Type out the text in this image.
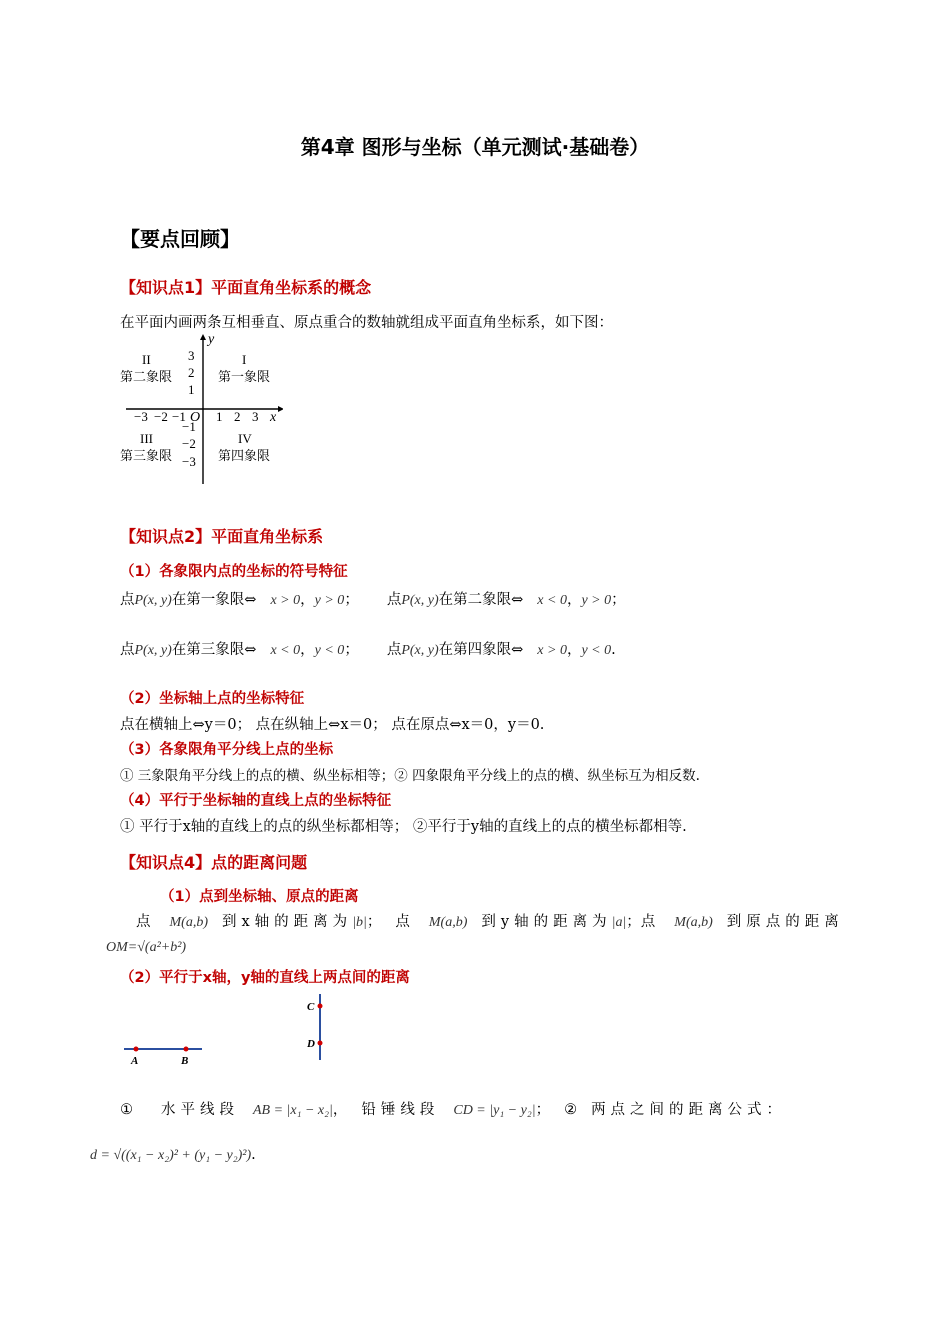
第4章 图形与坐标（单元测试·基础卷）
【要点回顾】
【知识点1】平面直角坐标系的概念
在平面内画两条互相垂直、原点重合的数轴就组成平面直角坐标系，如下图：
y
x
O
3
2
1
−1
−2
−3
1 2 3
−3 −2 −1
II
第二象限
I
第一象限
III
第三象限
IV
第四象限
【知识点2】平面直角坐标系
（1）各象限内点的坐标的符号特征
点P(x, y)在第一象限⇔ x > 0，y > 0； 点P(x, y)在第二象限⇔ x < 0，y > 0；
点P(x, y)在第三象限⇔ x < 0，y < 0； 点P(x, y)在第四象限⇔ x > 0，y < 0.
（2）坐标轴上点的坐标特征
点在横轴上⇔y＝0； 点在纵轴上⇔x＝0； 点在原点⇔x＝0，y＝0.
（3）各象限角平分线上点的坐标
① 三象限角平分线上的点的横、纵坐标相等；② 四象限角平分线上的点的横、纵坐标互为相反数.
（4）平行于坐标轴的直线上点的坐标特征
① 平行于x轴的直线上的点的纵坐标都相等； ②平行于y轴的直线上的点的横坐标都相等.
【知识点4】点的距离问题
（1）点到坐标轴、原点的距离
点 M(a,b) 到x轴的距离为|b|； 点 M(a,b) 到y轴的距离为|a|；点 M(a,b) 到原点的距离
OM=√(a²+b²)
（2）平行于x轴，y轴的直线上两点间的距离
A	B
C
D
① 水平线段 AB = |x₁ − x₂|， 铅锤线段 CD = |y₁ − y₂|； ② 两点之间的距离公式：
d = √((x₁ − x₂)² + (y₁ − y₂)²).
